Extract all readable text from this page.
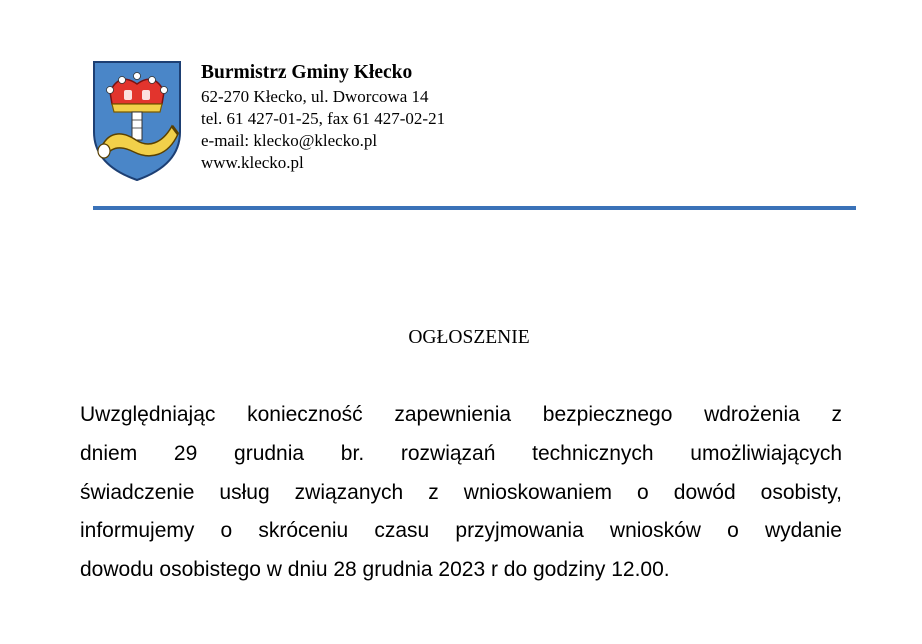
Burmistrz Gminy Kłecko
62-270 Kłecko, ul. Dworcowa 14
tel. 61 427-01-25, fax 61 427-02-21
e-mail: klecko@klecko.pl
www.klecko.pl
OGŁOSZENIE
Uwzględniając konieczność zapewnienia bezpiecznego wdrożenia z
dniem 29 grudnia br. rozwiązań technicznych umożliwiających
świadczenie usług związanych z wnioskowaniem o dowód osobisty,
informujemy o skróceniu czasu przyjmowania wniosków o wydanie
dowodu osobistego w dniu 28 grudnia 2023 r do godziny 12.00.
